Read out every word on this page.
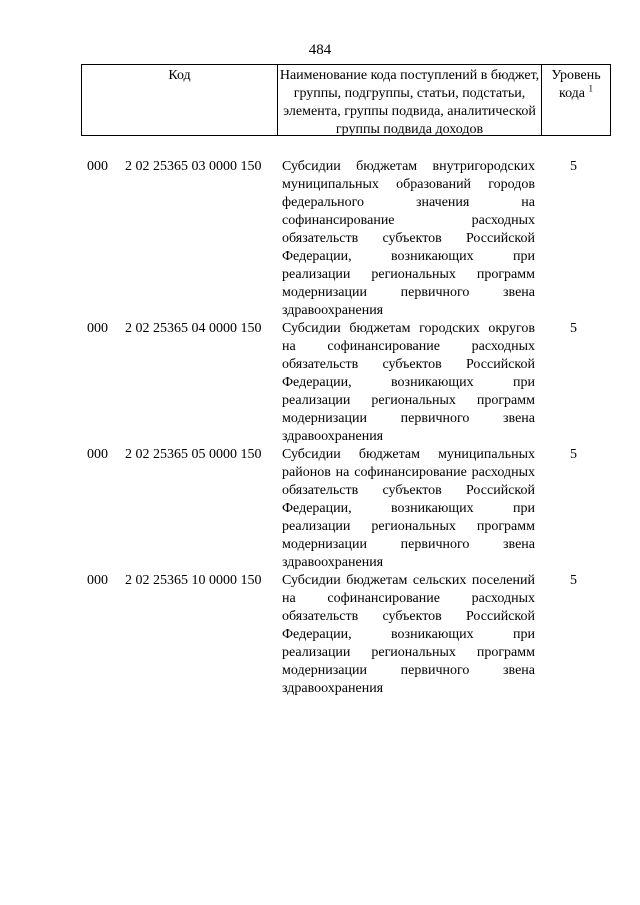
484
Код	Наименование кода поступлений в бюджет, группы, подгруппы, статьи, подстатьи, элемента, группы подвида, аналитической группы подвида доходов
Уровень кода $^1$
000 2 02 25365 03 0000 150 Субсидии бюджетам внутригородских муниципальных образований городов федерального значения на софинансирование расходных обязательств субъектов Российской Федерации, возникающих при реализации региональных программ модернизации первичного звена здравоохранения
5
000 2 02 25365 04 0000 150 Субсидии бюджетам городских округов на софинансирование расходных обязательств субъектов Российской Федерации, возникающих при реализации региональных программ модернизации первичного звена здравоохранения
5
000 2 02 25365 05 0000 150 Субсидии бюджетам муниципальных районов на софинансирование расходных обязательств субъектов Российской Федерации, возникающих при реализации региональных программ модернизации первичного звена здравоохранения
5
000 2 02 25365 10 0000 150 Субсидии бюджетам сельских поселений на софинансирование расходных обязательств субъектов Российской Федерации, возникающих при реализации региональных программ модернизации первичного звена здравоохранения
5
